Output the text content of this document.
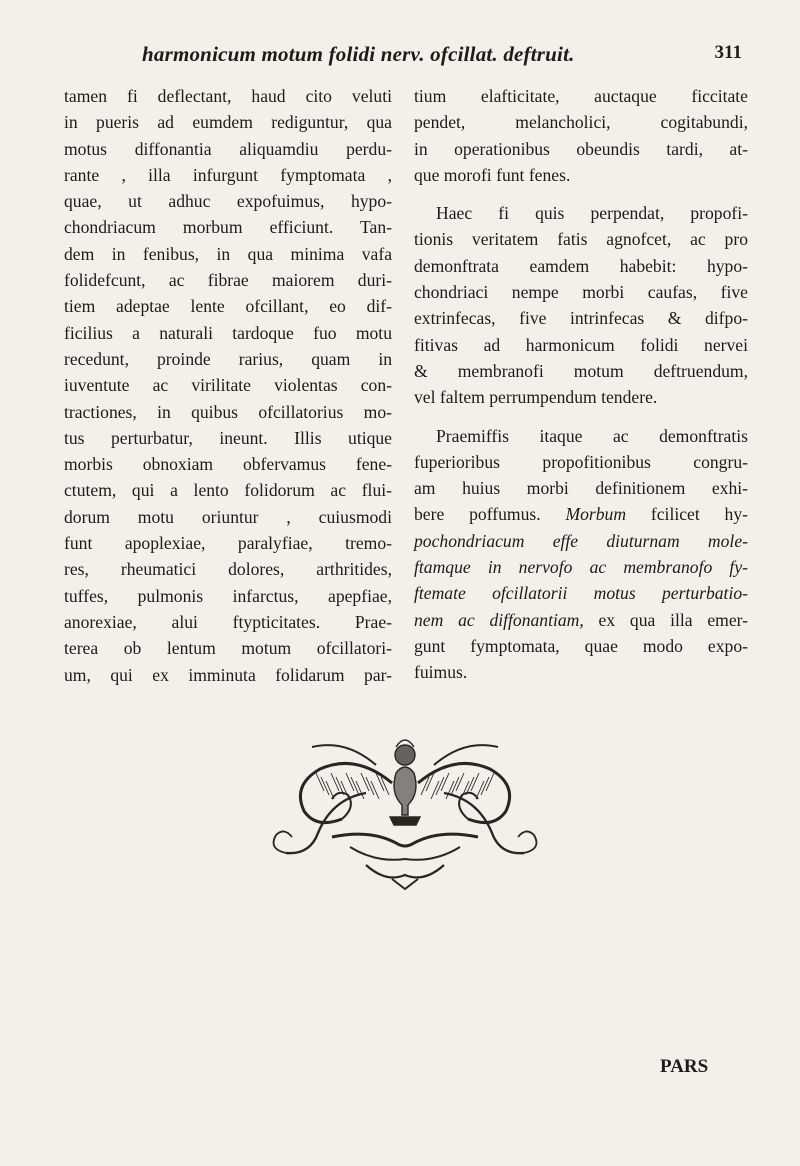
harmonicum motum folidi nerv. ofcillat. deftruit.	311
tamen fi deflectant, haud cito veluti
in pueris ad eumdem rediguntur, qua
motus diffonantia aliquamdiu perdu-
rante , illa infurgunt fymptomata ,
quae, ut adhuc expofuimus, hypo-
chondriacum morbum efficiunt. Tan-
dem in fenibus, in qua minima vafa
folidefcunt, ac fibrae maiorem duri-
tiem adeptae lente ofcillant, eo dif-
ficilius a naturali tardoque fuo motu
recedunt, proinde rarius, quam in
iuventute ac virilitate violentas con-
tractiones, in quibus ofcillatorius mo-
tus perturbatur, ineunt. Illis utique
morbis obnoxiam obfervamus fene-
ctutem, qui a lento folidorum ac flui-
dorum motu oriuntur , cuiusmodi
funt apoplexiae, paralyfiae, tremo-
res, rheumatici dolores, arthritides,
tuffes, pulmonis infarctus, apepfiae,
anorexiae, alui ftypticitates. Prae-
terea ob lentum motum ofcillatori-
um, qui ex imminuta folidarum par-
tium elafticitate, auctaque ficcitate
pendet, melancholici, cogitabundi,
in operationibus obeundis tardi, at-
que morofi funt fenes.
Haec fi quis perpendat, propofi-
tionis veritatem fatis agnofcet, ac pro
demonftrata eamdem habebit: hypo-
chondriaci nempe morbi caufas, five
extrinfecas, five intrinfecas & difpo-
fitivas ad harmonicum folidi nervei
& membranofi motum deftruendum,
vel faltem perrumpendum tendere.
Praemiffis itaque ac demonftratis
fuperioribus propofitionibus congru-
am huius morbi definitionem exhi-
bere poffumus. Morbum fcilicet hy-
pochondriacum effe diuturnam mole-
ftamque in nervofo ac membranofo fy-
ftemate ofcillatorii motus perturbatio-
nem ac diffonantiam, ex qua illa emer-
gunt fymptomata, quae modo expo-
fuimus.
PARS
